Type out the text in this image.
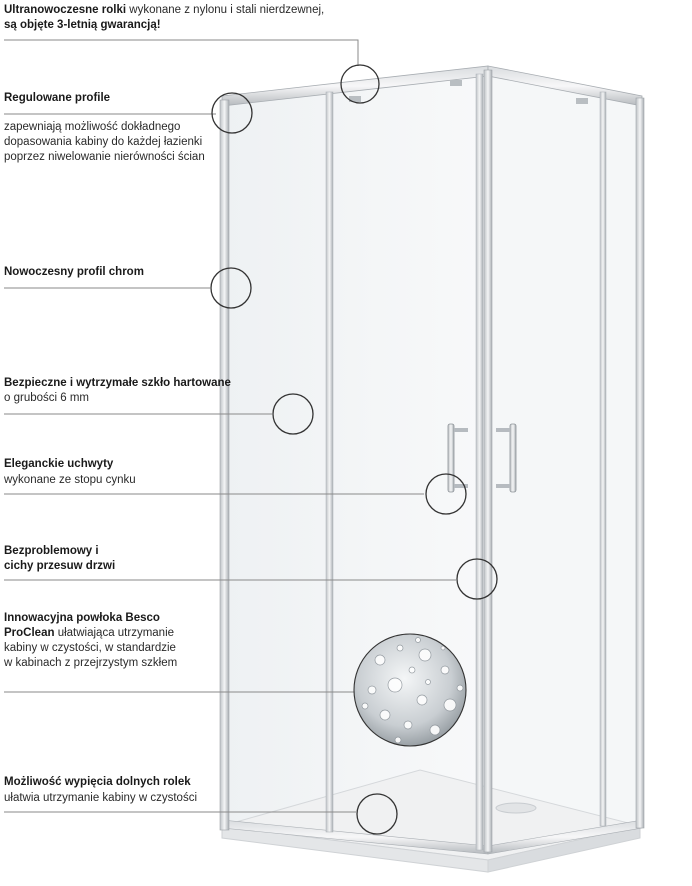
Ultranowoczesne rolki wykonane z nylonu i stali nierdzewnej,
są objęte 3-letnią gwarancją!
Regulowane profile
zapewniają możliwość dokładnego dopasowania kabiny do każdej łazienki poprzez niwelowanie nierówności ścian
Nowoczesny profil chrom
Bezpieczne i wytrzymałe szkło hartowane o grubości 6 mm
Eleganckie uchwyty
wykonane ze stopu cynku
Bezproblemowy i cichy przesuw drzwi
Innowacyjna powłoka Besco ProClean ułatwiająca utrzymanie kabiny w czystości, w standardzie w kabinach z przejrzystym szkłem
Możliwość wypięcia dolnych rolek
ułatwia utrzymanie kabiny w czystości
